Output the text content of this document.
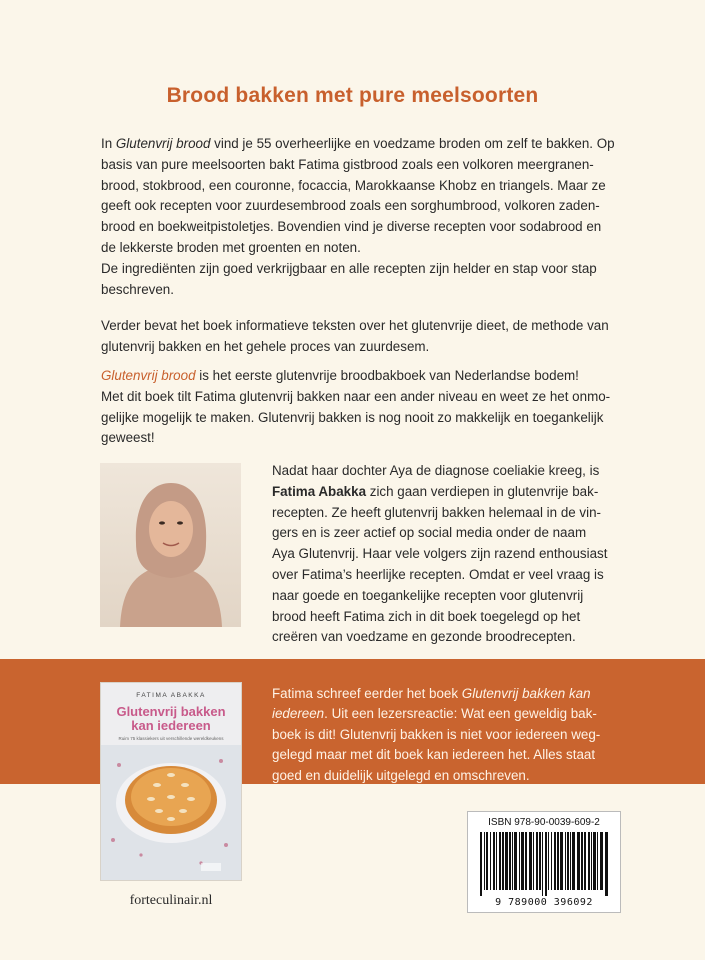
Brood bakken met pure meelsoorten
In Glutenvrij brood vind je 55 overheerlijke en voedzame broden om zelf te bakken. Op
basis van pure meelsoorten bakt Fatima gistbrood zoals een volkoren meergranen-
brood, stokbrood, een couronne, focaccia, Marokkaanse Khobz en triangels. Maar ze
geeft ook recepten voor zuurdesembrood zoals een sorghumbrood, volkoren zaden-
brood en boekweitpistoletjes. Bovendien vind je diverse recepten voor sodabrood en
de lekkerste broden met groenten en noten.
De ingrediënten zijn goed verkrijgbaar en alle recepten zijn helder en stap voor stap
beschreven.
Verder bevat het boek informatieve teksten over het glutenvrije dieet, de methode van
glutenvrij bakken en het gehele proces van zuurdesem.
Glutenvrij brood is het eerste glutenvrije broodbakboek van Nederlandse bodem!
Met dit boek tilt Fatima glutenvrij bakken naar een ander niveau en weet ze het onmo-
gelijke mogelijk te maken. Glutenvrij bakken is nog nooit zo makkelijk en toegankelijk
geweest!
Nadat haar dochter Aya de diagnose coeliakie kreeg, is
Fatima Abakka zich gaan verdiepen in glutenvrije bak-
recepten. Ze heeft glutenvrij bakken helemaal in de vin-
gers en is zeer actief op social media onder de naam
Aya Glutenvrij. Haar vele volgers zijn razend enthousiast
over Fatima’s heerlijke recepten. Omdat er veel vraag is
naar goede en toegankelijke recepten voor glutenvrij
brood heeft Fatima zich in dit boek toegelegd op het
creëren van voedzame en gezonde broodrecepten.
Fatima schreef eerder het boek Glutenvrij bakken kan
iedereen. Uit een lezersreactie: Wat een geweldig bak-
boek is dit! Glutenvrij bakken is niet voor iedereen weg-
gelegd maar met dit boek kan iedereen het. Alles staat
goed en duidelijk uitgelegd en omschreven.
FATIMA ABAKKA
Glutenvrij bakken
kan iedereen
Ruim 75 klassiekers uit verschillende wereldkeukens
forteculinair.nl
ISBN 978-90-0039-609-2
9 789000 396092
